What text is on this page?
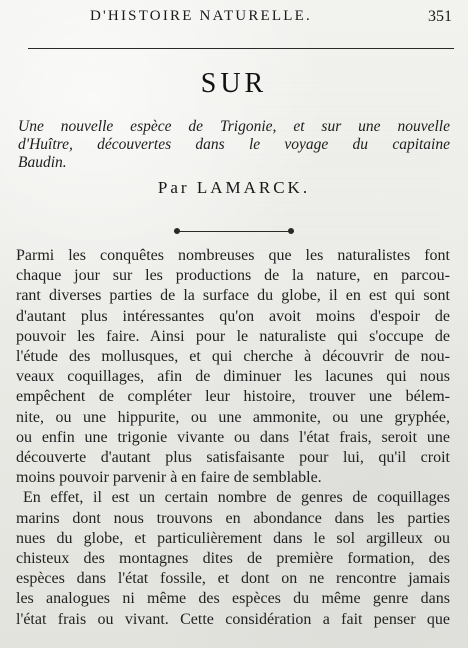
D'HISTOIRE NATURELLE.	351
SUR
Une nouvelle espèce de Trigonie, et sur une nouvelle
d'Huître, découvertes dans le voyage du capitaine
Baudin.
Par LAMARCK.
Parmi les conquêtes nombreuses que les naturalistes font
chaque jour sur les productions de la nature, en parcou-
rant diverses parties de la surface du globe, il en est qui sont
d'autant plus intéressantes qu'on avoit moins d'espoir de
pouvoir les faire. Ainsi pour le naturaliste qui s'occupe de
l'étude des mollusques, et qui cherche à découvrir de nou-
veaux coquillages, afin de diminuer les lacunes qui nous
empêchent de compléter leur histoire, trouver une bélem-
nite, ou une hippurite, ou une ammonite, ou une gryphée,
ou enfin une trigonie vivante ou dans l'état frais, seroit une
découverte d'autant plus satisfaisante pour lui, qu'il croit
moins pouvoir parvenir à en faire de semblable.
En effet, il est un certain nombre de genres de coquillages
marins dont nous trouvons en abondance dans les parties
nues du globe, et particulièrement dans le sol argilleux ou
chisteux des montagnes dites de première formation, des
espèces dans l'état fossile, et dont on ne rencontre jamais
les analogues ni même des espèces du même genre dans
l'état frais ou vivant. Cette considération a fait penser que
